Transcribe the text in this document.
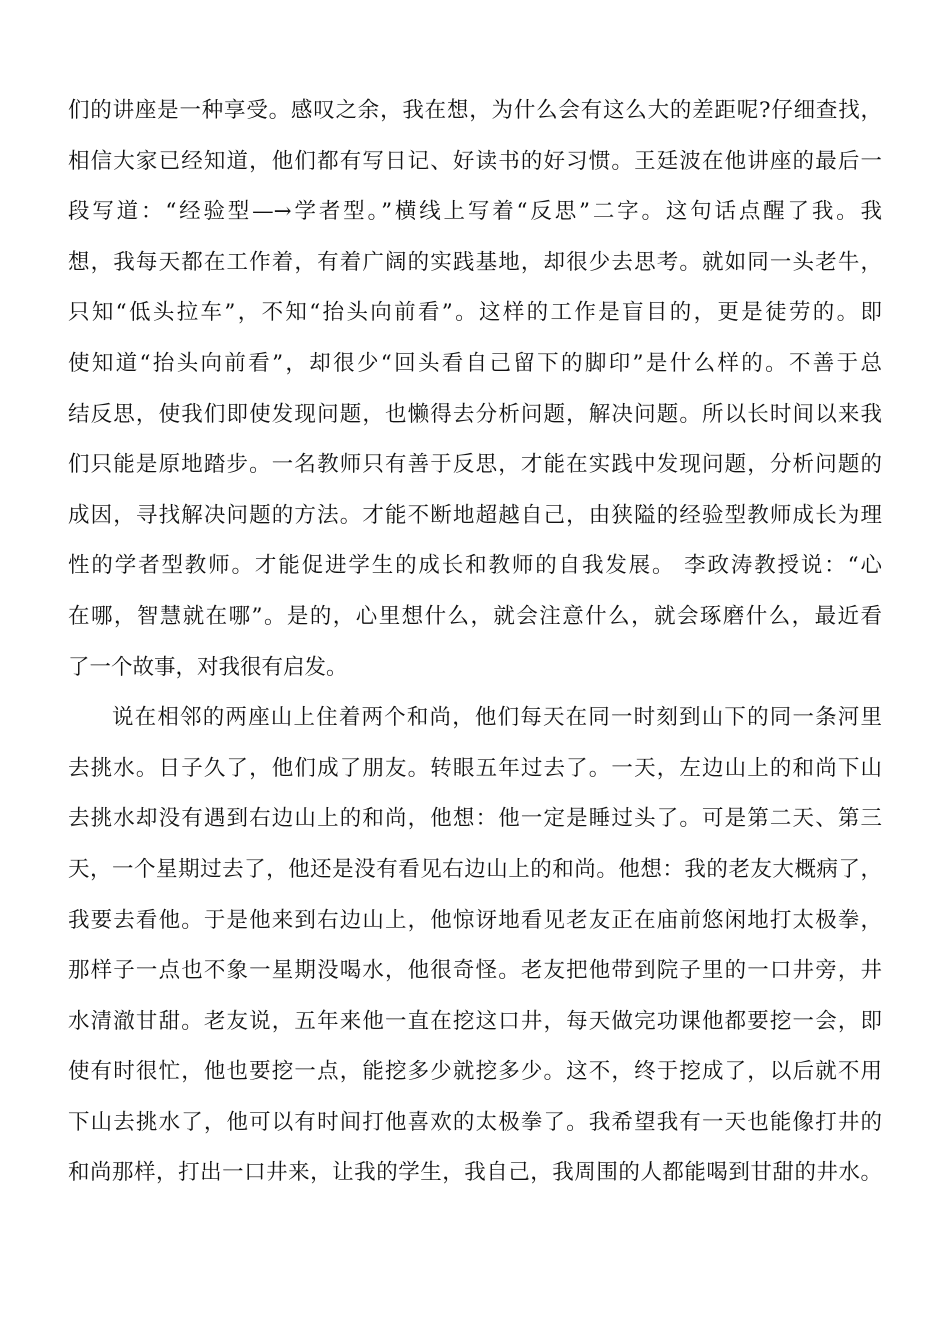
们的讲座是一种享受。感叹之余，我在想，为什么会有这么大的差距呢?仔细查找，
相信大家已经知道，他们都有写日记、好读书的好习惯。王廷波在他讲座的最后一
段写道：“经验型—→学者型。”横线上写着“反思”二字。这句话点醒了我。我
想，我每天都在工作着，有着广阔的实践基地，却很少去思考。就如同一头老牛，
只知“低头拉车”，不知“抬头向前看”。这样的工作是盲目的，更是徒劳的。即
使知道“抬头向前看”，却很少“回头看自己留下的脚印”是什么样的。不善于总
结反思，使我们即使发现问题，也懒得去分析问题，解决问题。所以长时间以来我
们只能是原地踏步。一名教师只有善于反思，才能在实践中发现问题，分析问题的
成因，寻找解决问题的方法。才能不断地超越自己，由狭隘的经验型教师成长为理
性的学者型教师。才能促进学生的成长和教师的自我发展。 李政涛教授说：“心
在哪，智慧就在哪”。是的，心里想什么，就会注意什么，就会琢磨什么，最近看
了一个故事，对我很有启发。
说在相邻的两座山上住着两个和尚，他们每天在同一时刻到山下的同一条河里
去挑水。日子久了，他们成了朋友。转眼五年过去了。一天，左边山上的和尚下山
去挑水却没有遇到右边山上的和尚，他想：他一定是睡过头了。可是第二天、第三
天，一个星期过去了，他还是没有看见右边山上的和尚。他想：我的老友大概病了，
我要去看他。于是他来到右边山上，他惊讶地看见老友正在庙前悠闲地打太极拳，
那样子一点也不象一星期没喝水，他很奇怪。老友把他带到院子里的一口井旁，井
水清澈甘甜。老友说，五年来他一直在挖这口井，每天做完功课他都要挖一会，即
使有时很忙，他也要挖一点，能挖多少就挖多少。这不，终于挖成了，以后就不用
下山去挑水了，他可以有时间打他喜欢的太极拳了。我希望我有一天也能像打井的
和尚那样，打出一口井来，让我的学生，我自己，我周围的人都能喝到甘甜的井水。
